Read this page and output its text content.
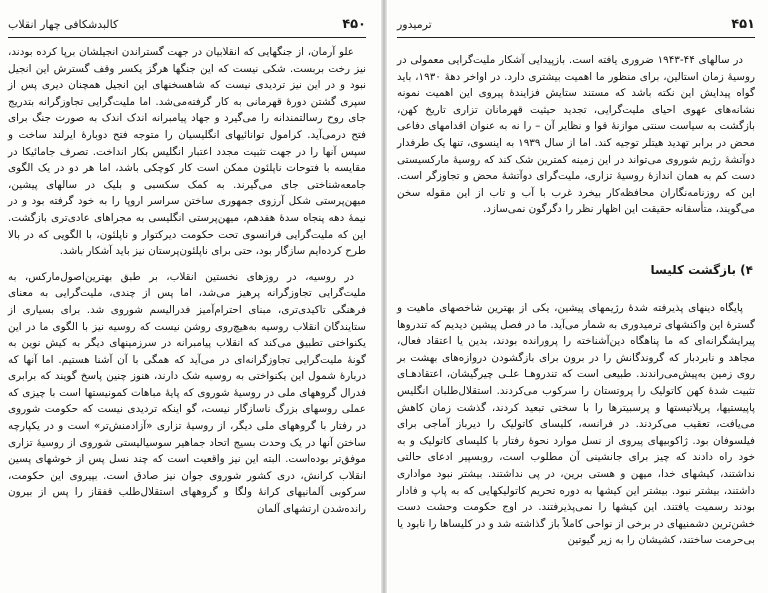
۴۵۰
کالبدشکافی چهار انقلاب

علو آرمان، از جنگهایی که انقلابیان در جهت گستراندن انجیلشان برپا کرده بودند، نیز رخت بربست. شکی نیست که این جنگها هرگز یکسر وقف گسترش این انجیل نبود و در این نیز تردیدی نیست که شاهسخنهای این انجیل همچنان دیری پس از سپری گشتن دورهٔ قهرمانی به کار گرفته‌می‌شد. اما ملیت‌گرایی تجاوزگرانه بتدریج جای روح رسالتمندانه را می‌گیرد و جهاد پیامبرانه اندک اندک به صورت جنگ برای فتح درمی‌آید. کرامول توانائیهای انگلیسیان را متوجه فتح دوبارهٔ ایرلند ساخت و سپس آنها را در جهت تثبیت مجدد اعتبار انگلیس بکار انداخت. تصرف جامائیکا در مقایسه با فتوحات ناپلئون ممکن است کار کوچکی باشد، اما هر دو در یک الگوی جامعه‌شناختی جای می‌گیرند. به کمک سکسبی و بلیک در سالهای پیشین، میهن‌پرستی شکل آرزوی جمهوری ساختن سراسر اروپا را به خود گرفته بود و در نیمهٔ دهه پنجاه سدهٔ هفدهم، میهن‌پرستی انگلیسی به مجراهای عادی‌تری بازگشت. این که ملیت‌گرایی فرانسوی تحت حکومت دیرکتوار و ناپلئون، با الگویی که در بالا طرح کرده‌ایم سازگار بود، حتی برای ناپلئون‌پرستان نیز باید آشکار باشد.

در روسیه، در روزهای نخستین انقلاب، بر طبق بهترین‌اصول‌مارکس، به ملیت‌گرایی تجاوزگرانه پرهیز می‌شد، اما پس از چندی، ملیت‌گرایی به معنای فرهنگی تاکیدی‌تری، مبنای احترام‌آمیز فدرالیسم شوروی شد. برای بسیاری از ستایندگان انقلاب روسیه به‌هیچ‌روی روشن نیست که روسیه نیز با الگوی ما در این یکنواختی تطبیق می‌کند که انقلاب پیامبرانه در سرزمینهای دیگر به کیش نوین به گونهٔ ملیت‌گرایی تجاوزگرانه‌ای در می‌آید که همگی با آن آشنا هستیم. اما آنها که دربارهٔ شمول این یکنواختی به روسیه شک دارند، هنوز چنین پاسخ گویند که برابری فدرال گروههای ملی در روسیهٔ شوروی که پایهٔ مباهات کمونیستها است با چیزی که عملی روسهای بزرگ ناسازگار نیست، گو اینکه تردیدی نیست که حکومت شوروی در رفتار با گروههای ملی دیگر، از روسیهٔ تزاری «آزادمنش‌تر» است و در یکپارچه ساختن آنها در یک وحدت بسیج اتحاد جماهیر سوسیالیستی شوروی از روسیهٔ تزاری موفق‌تر بوده‌است. البته این نیز واقعیت است که چند نسل پس از خوشهای پسین انقلاب کرانش، دری کشور شوروی جوان نیز صادق است. بپیروی این حکومت، سرکوبی آلمانیهای کرانهٔ ولگا و گروههای استقلال‌طلب قفقاز را پس از بیرون رانده‌شدن ارتشهای آلمان

۴۵۱
ترمیدور

در سالهای ۴۴-۱۹۴۳ ضروری یافته است. بازپیدایی آشکار ملیت‌گرایی معمولی در روسیهٔ زمان استالین، برای منظور ما اهمیت بیشتری دارد. در اواخر دههٔ ۱۹۳۰، باید گواه پیدایش این نکته باشد که مستند ستایش فزایندهٔ پیروی این اهمیت نمونه نشانه‌های عهوی احیای ملیت‌گرایی، تجدید حیثیت قهرمانان تزاری تاریخ کهن، بازگشت به سیاست سنتی موازنهٔ قوا و نظایر آن – را نه به عنوان اقدامهای دفاعی محض در برابر تهدید هیتلر توجیه کند. اما از سال ۱۹۳۹ به اینسوی، تنها یک طرفدار دوآتشهٔ رژیم شوروی می‌تواند در این زمینه کمترین شک کند که روسیهٔ مارکسیستی دست کم به همان اندازهٔ روسیهٔ تزاری، ملیت‌گرای دوآتشهٔ محض و تجاوزگر است. این که روزنامه‌نگاران محافظه‌کار بیخرد غرب با آب و تاب از این مقوله سخن می‌گویند، متأسفانه حقیقت این اظهار نظر را دگرگون نمی‌سازد.

۴) بازگشت کلیسا

پایگاه دینهای پذیرفته شدهٔ رژیمهای پیشین، یکی از بهترین شاخصهای ماهیت و گسترهٔ این واکنشهای ترمیدوری به شمار می‌آید. ما در فصل پیشین دیدیم که تندروها پیرایشگرانه‌ای که ما پناهگاه دین‌آشناخته را پرورانده بودند، بدین یا اعتقاد فعال، مجاهد و نابردبار که گروندگانش را در برون برای بازگشودن دروازه‌های بهشت بر روی زمین به‌پیش‌می‌راندند. طبیعی است که تندروهـا علـی چیرگیشان، اعتقادهـای تثبیت شدهٔ کهن کاتولیک را پروتستان را سرکوب می‌کردند. استقلال‌طلبان انگلیس پاپیستیها، پریلاتیستها و پرسبیترها را با سختی تبعید کردند، گذشت زمان کاهش می‌یافت، تعقیب می‌کردند. در فرانسه، کلیسای کاتولیک را دیرباز آماجی برای فیلسوفان بود. ژاکوبیهای پیروی از نسل موارد نحوهٔ رفتار با کلیسای کاتولیک و به خود راه دادند که چیز برای جانشینی آن مطلوب است، روبسپیر ادعای حالتی نداشتند، کیشهای خدا، میهن و هستی برین، در پی نداشتند. بیشتر نبود مواداری داشتند، بیشتر نبود. بیشتر این کیشها به دوره تحریم کاتولیکهایی که به پاپ و فادار بودند رسمیت یافتند. این کیشها را نمی‌پذیرفتند. در اوج حکومت وحشت دست خشن‌ترین دشمنیهای در برخی از نواحی کاملاً باز گذاشته شد و در کلیساها را نابود یا بی‌حرمت ساختند، کشیشان را به زیر گیوتین
